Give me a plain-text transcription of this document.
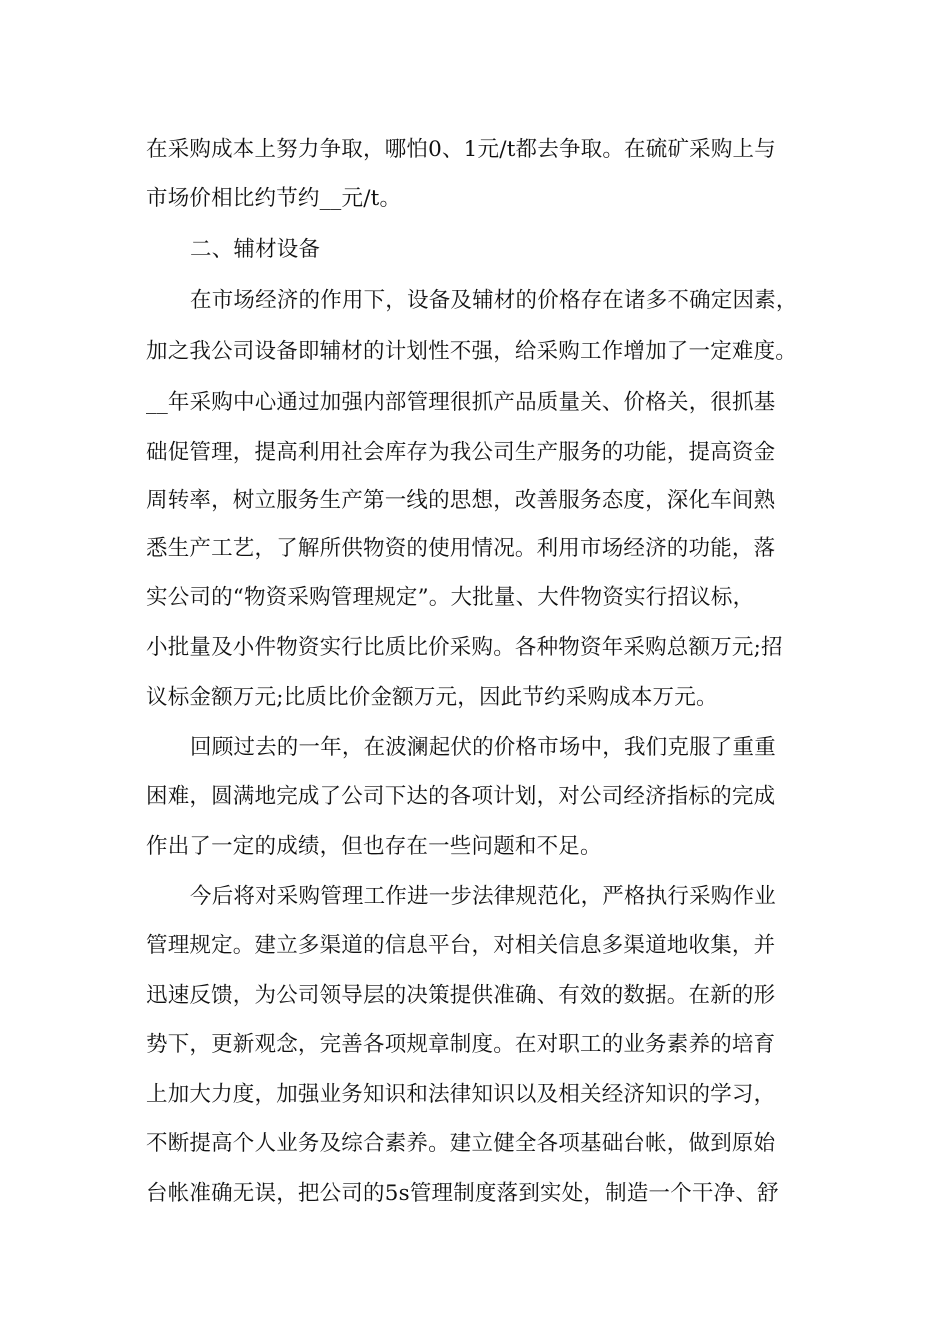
在采购成本上努力争取，哪怕0、1元/t都去争取。在硫矿采购上与
市场价相比约节约__元/t。
二、辅材设备
在市场经济的作用下，设备及辅材的价格存在诸多不确定因素，
加之我公司设备即辅材的计划性不强，给采购工作增加了一定难度。
__年采购中心通过加强内部管理很抓产品质量关、价格关，很抓基
础促管理，提高利用社会库存为我公司生产服务的功能，提高资金
周转率，树立服务生产第一线的思想，改善服务态度，深化车间熟
悉生产工艺，了解所供物资的使用情况。利用市场经济的功能，落
实公司的“物资采购管理规定”。大批量、大件物资实行招议标，
小批量及小件物资实行比质比价采购。各种物资年采购总额万元;招
议标金额万元;比质比价金额万元，因此节约采购成本万元。
回顾过去的一年，在波澜起伏的价格市场中，我们克服了重重
困难，圆满地完成了公司下达的各项计划，对公司经济指标的完成
作出了一定的成绩，但也存在一些问题和不足。
今后将对采购管理工作进一步法律规范化，严格执行采购作业
管理规定。建立多渠道的信息平台，对相关信息多渠道地收集，并
迅速反馈，为公司领导层的决策提供准确、有效的数据。在新的形
势下，更新观念，完善各项规章制度。在对职工的业务素养的培育
上加大力度，加强业务知识和法律知识以及相关经济知识的学习，
不断提高个人业务及综合素养。建立健全各项基础台帐，做到原始
台帐准确无误，把公司的5s管理制度落到实处，制造一个干净、舒
